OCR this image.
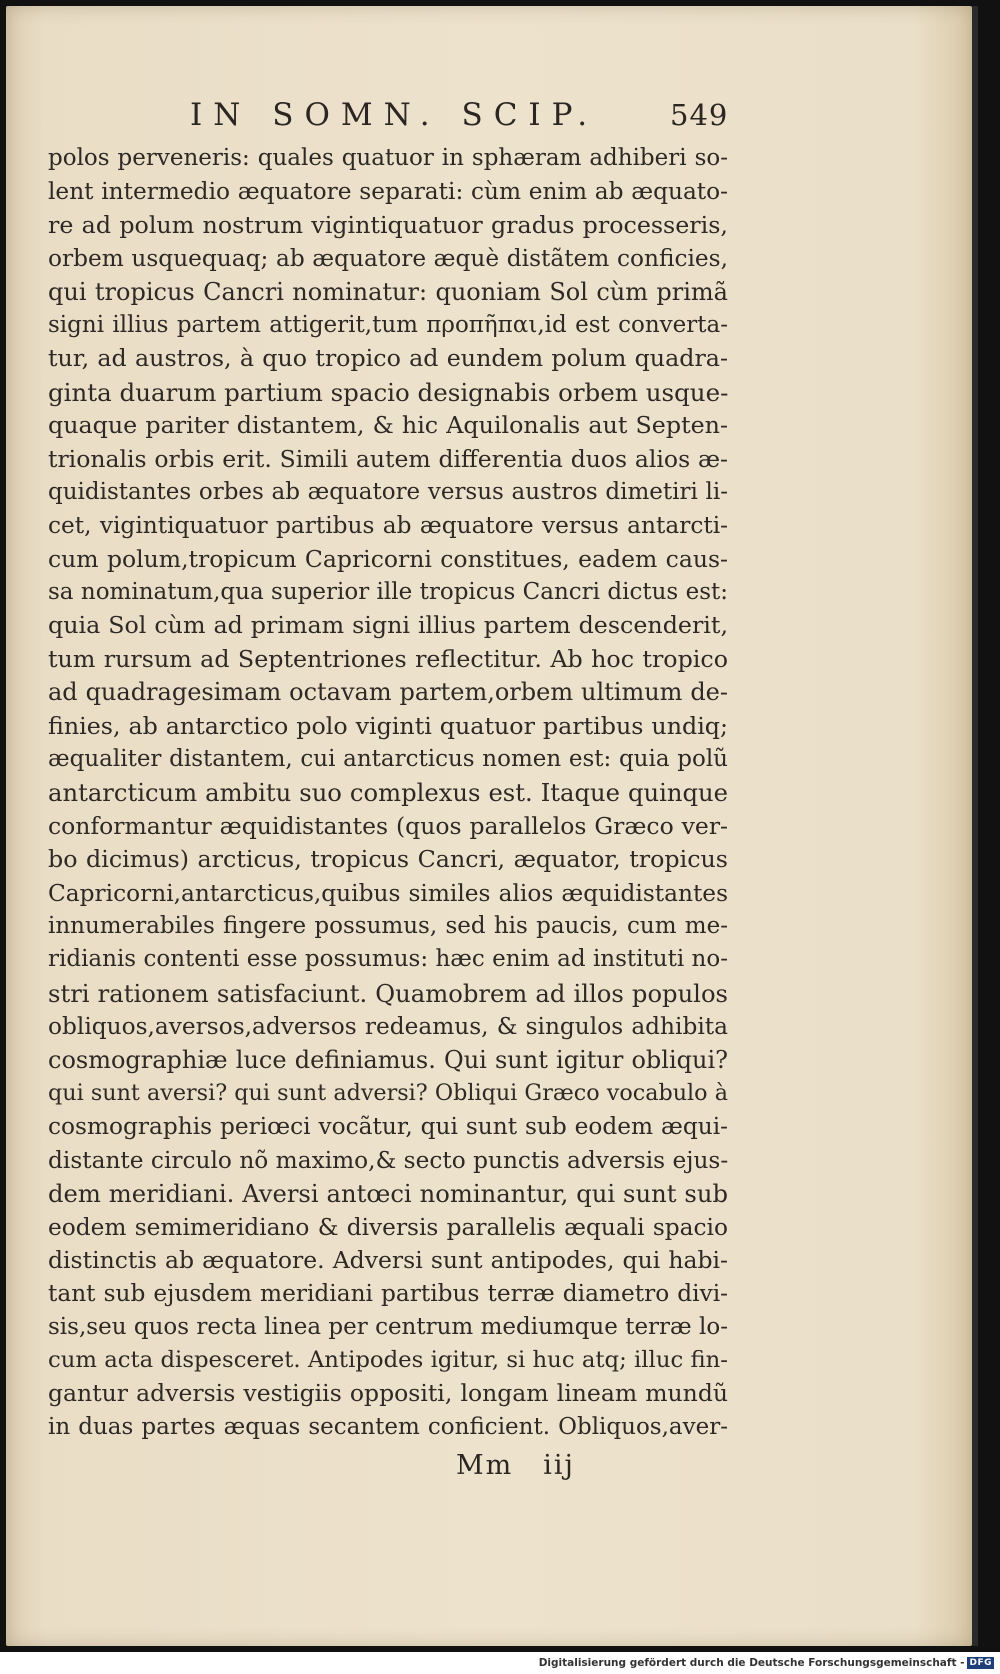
IN SOMN. SCIP. 549
polos perveneris: quales quatuor in sphæram adhiberi so-
lent intermedio æquatore separati: cùm enim ab æquato-
re ad polum nostrum vigintiquatuor gradus processeris,
orbem usquequaq; ab æquatore æquè distãtem conficies,
qui tropicus Cancri nominatur: quoniam Sol cùm primã
signi illius partem attigerit,tum προπῆπαι,id est converta-
tur, ad austros, à quo tropico ad eundem polum quadra-
ginta duarum partium spacio designabis orbem usque-
quaque pariter distantem, & hic Aquilonalis aut Septen-
trionalis orbis erit. Simili autem differentia duos alios æ-
quidistantes orbes ab æquatore versus austros dimetiri li-
cet, vigintiquatuor partibus ab æquatore versus antarcti-
cum polum,tropicum Capricorni constitues, eadem caus-
sa nominatum,qua superior ille tropicus Cancri dictus est:
quia Sol cùm ad primam signi illius partem descenderit,
tum rursum ad Septentriones reflectitur. Ab hoc tropico
ad quadragesimam octavam partem,orbem ultimum de-
finies, ab antarctico polo viginti quatuor partibus undiq;
æqualiter distantem, cui antarcticus nomen est: quia polũ
antarcticum ambitu suo complexus est. Itaque quinque
conformantur æquidistantes (quos parallelos Græco ver-
bo dicimus) arcticus, tropicus Cancri, æquator, tropicus
Capricorni,antarcticus,quibus similes alios æquidistantes
innumerabiles fingere possumus, sed his paucis, cum me-
ridianis contenti esse possumus: hæc enim ad instituti no-
stri rationem satisfaciunt. Quamobrem ad illos populos
obliquos,aversos,adversos redeamus, & singulos adhibita
cosmographiæ luce definiamus. Qui sunt igitur obliqui?
qui sunt aversi? qui sunt adversi? Obliqui Græco vocabulo à
cosmographis periœci vocãtur, qui sunt sub eodem æqui-
distante circulo nõ maximo,& secto punctis adversis ejus-
dem meridiani. Aversi antœci nominantur, qui sunt sub
eodem semimeridiano & diversis parallelis æquali spacio
distinctis ab æquatore. Adversi sunt antipodes, qui habi-
tant sub ejusdem meridiani partibus terræ diametro divi-
sis,seu quos recta linea per centrum mediumque terræ lo-
cum acta dispesceret. Antipodes igitur, si huc atq; illuc fin-
gantur adversis vestigiis oppositi, longam lineam mundũ
in duas partes æquas secantem conficient. Obliquos,aver-
Mm iij
Digitalisierung gefördert durch die Deutsche Forschungsgemeinschaft - DFG
